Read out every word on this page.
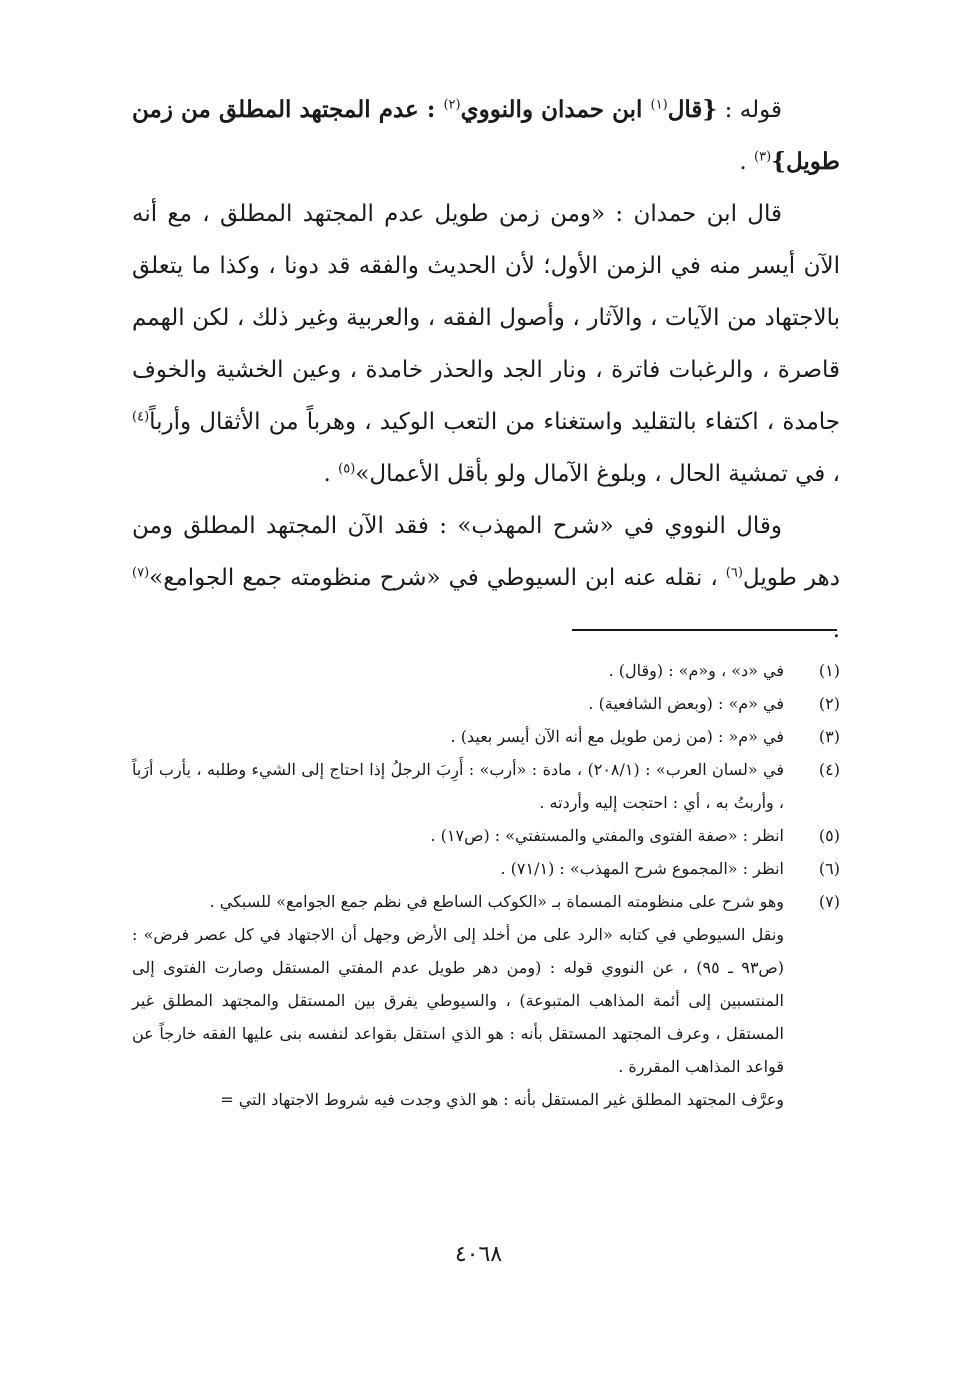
قوله : {قال$^{(١)}$ ابن حمدان والنووي$^{(٢)}$ : عدم المجتهد المطلق من زمن طويل}$^{(٣)}$ .

قال ابن حمدان : «ومن زمن طويل عدم المجتهد المطلق ، مع أنه الآن أيسر منه في الزمن الأول؛ لأن الحديث والفقه قد دونا ، وكذا ما يتعلق بالاجتهاد من الآيات ، والآثار ، وأصول الفقه ، والعربية وغير ذلك ، لكن الهمم قاصرة ، والرغبات فاترة ، ونار الجد والحذر خامدة ، وعين الخشية والخوف جامدة ، اكتفاء بالتقليد واستغناء من التعب الوكيد ، وهرباً من الأثقال وأرباً$^{(٤)}$ ، في تمشية الحال ، وبلوغ الآمال ولو بأقل الأعمال»$^{(٥)}$ .

وقال النووي في «شرح المهذب» : فقد الآن المجتهد المطلق ومن دهر طويل$^{(٦)}$ ، نقله عنه ابن السيوطي في «شرح منظومته جمع الجوامع»$^{(٧)}$ .

(١)
في «د» ، و«م» : (وقال) .
(٢)
في «م» : (وبعض الشافعية) .
(٣)
في «م« : (من زمن طويل مع أنه الآن أيسر بعيد) .
(٤)
في «لسان العرب» : (٢٠٨/١) ، مادة : «أرب» : أَرِبَ الرجلُ إذا احتاج إلى الشيء وطلبه ، يأرب أرَباً ، وأربتُ به ، أي : احتجت إليه وأردته .
(٥)
انظر : «صفة الفتوى والمفتي والمستفتي» : (ص١٧) .
(٦)
انظر : «المجموع شرح المهذب» : (٧١/١) .
(٧)
وهو شرح على منظومته المسماة بـ «الكوكب الساطع في نظم جمع الجوامع» للسبكي .
ونقل السيوطي في كتابه «الرد على من أخلد إلى الأرض وجهل أن الاجتهاد في كل عصر فرض» : (ص٩٣ ـ ٩٥) ، عن النووي قوله : (ومن دهر طويل عدم المفتي المستقل وصارت الفتوى إلى المنتسبين إلى أئمة المذاهب المتبوعة) ، والسيوطي يفرق بين المستقل والمجتهد المطلق غير المستقل ، وعرف المجتهد المستقل بأنه : هو الذي استقل بقواعد لنفسه بنى عليها الفقه خارجاً عن قواعد المذاهب المقررة .
وعرَّف المجتهد المطلق غير المستقل بأنه : هو الذي وجدت فيه شروط الاجتهاد التي =
٤٠٦٨
